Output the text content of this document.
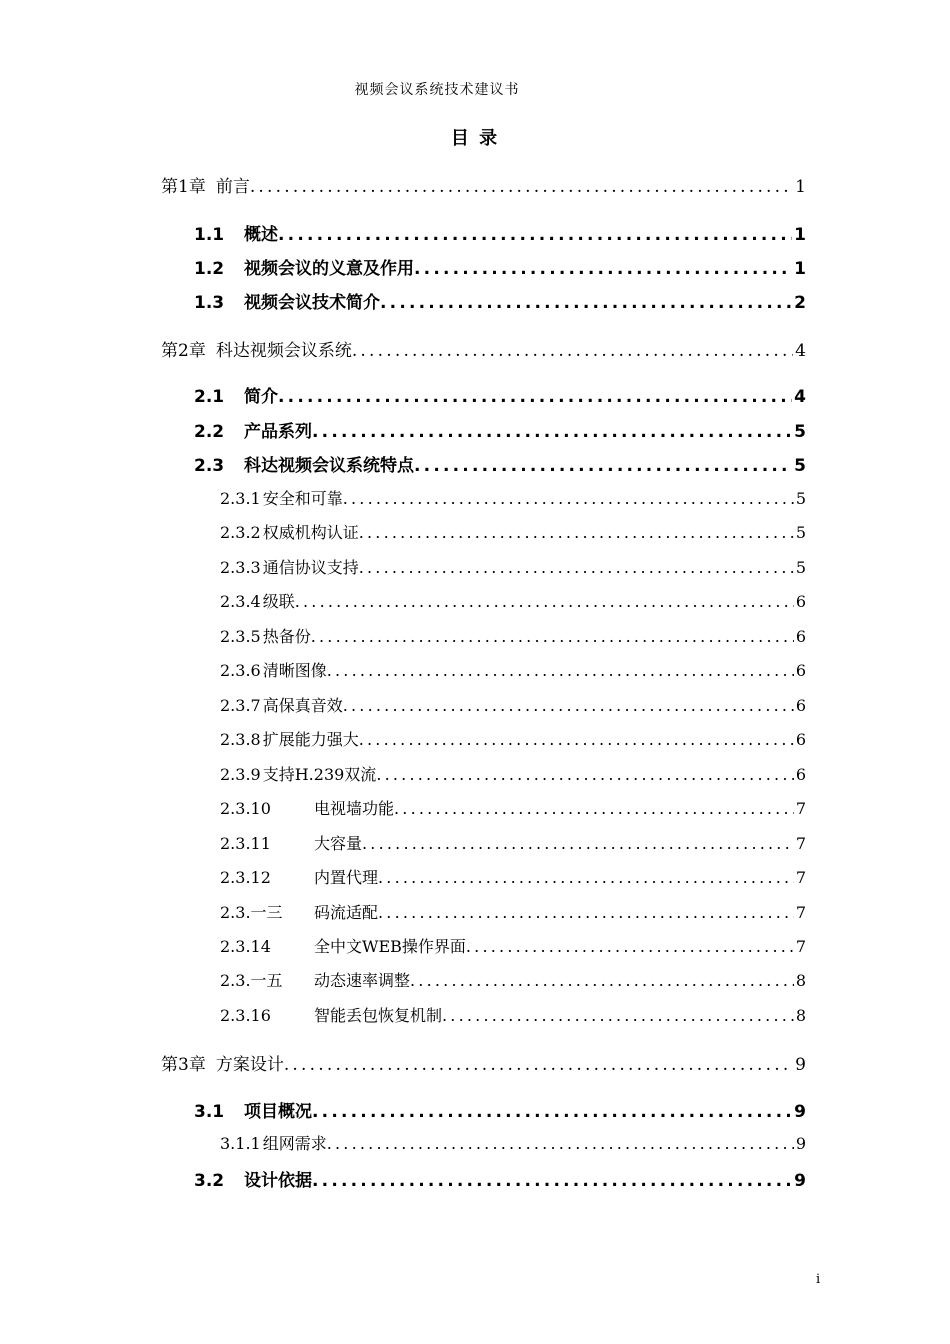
视频会议系统技术建议书
目 录
第1章 前言 .....	1
1.1	概述 .....	1
1.2	视频会议的义意及作用 .....	1
1.3	视频会议技术简介 .....	2
第2章 科达视频会议系统 .....	4
2.1	简介 .....	4
2.2	产品系列 .....	5
2.3	科达视频会议系统特点 .....	5
2.3.1 安全和可靠 .....	5
2.3.2 权威机构认证 .....	5
2.3.3 通信协议支持 .....	5
2.3.4 级联 .....	6
2.3.5 热备份 .....	6
2.3.6 清晰图像 .....	6
2.3.7 高保真音效 .....	6
2.3.8 扩展能力强大 .....	6
2.3.9 支持H.239双流 .....	6
2.3.10	电视墙功能 .....	7
2.3.11	大容量 .....	7
2.3.12	内置代理 .....	7
2.3.一三	码流适配 .....	7
2.3.14	全中文WEB操作界面 .....	7
2.3.一五	动态速率调整 .....	8
2.3.16	智能丢包恢复机制 .....	8
第3章 方案设计 .....	9
3.1	项目概况 .....	9
3.1.1 组网需求 .....	9
3.2	设计依据 .....	9
i
